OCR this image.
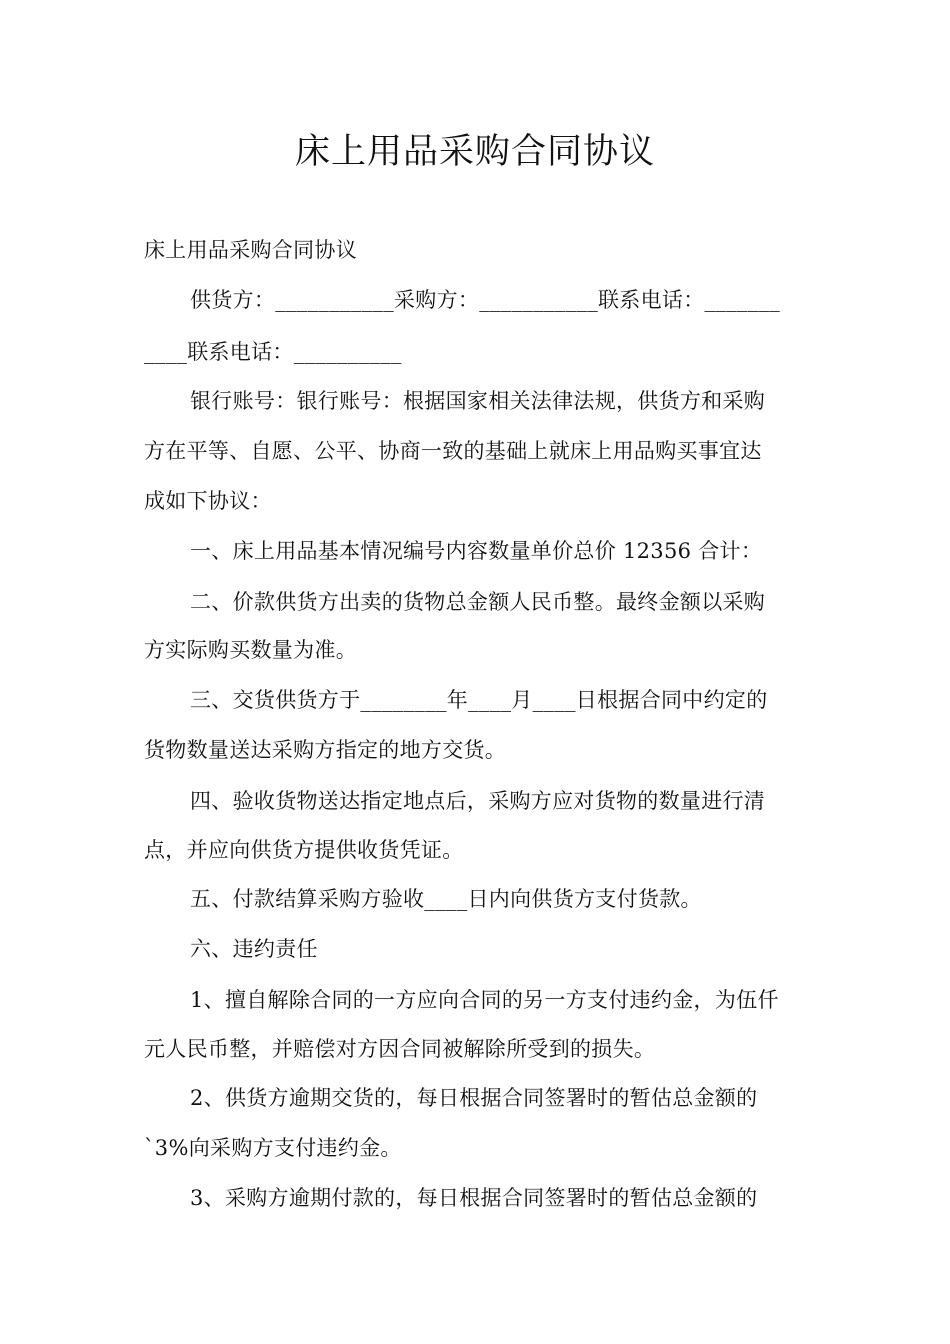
床上用品采购合同协议
床上用品采购合同协议
供货方：___________采购方：___________联系电话：_______
____联系电话：__________
银行账号：银行账号：根据国家相关法律法规，供货方和采购
方在平等、自愿、公平、协商一致的基础上就床上用品购买事宜达
成如下协议：
一、床上用品基本情况编号内容数量单价总价 12356 合计：
二、价款供货方出卖的货物总金额人民币整。最终金额以采购
方实际购买数量为准。
三、交货供货方于________年____月____日根据合同中约定的
货物数量送达采购方指定的地方交货。
四、验收货物送达指定地点后，采购方应对货物的数量进行清
点，并应向供货方提供收货凭证。
五、付款结算采购方验收____日内向供货方支付货款。
六、违约责任
1、擅自解除合同的一方应向合同的另一方支付违约金，为伍仟
元人民币整，并赔偿对方因合同被解除所受到的损失。
2、供货方逾期交货的，每日根据合同签署时的暂估总金额的
`3%向采购方支付违约金。
3、采购方逾期付款的，每日根据合同签署时的暂估总金额的
